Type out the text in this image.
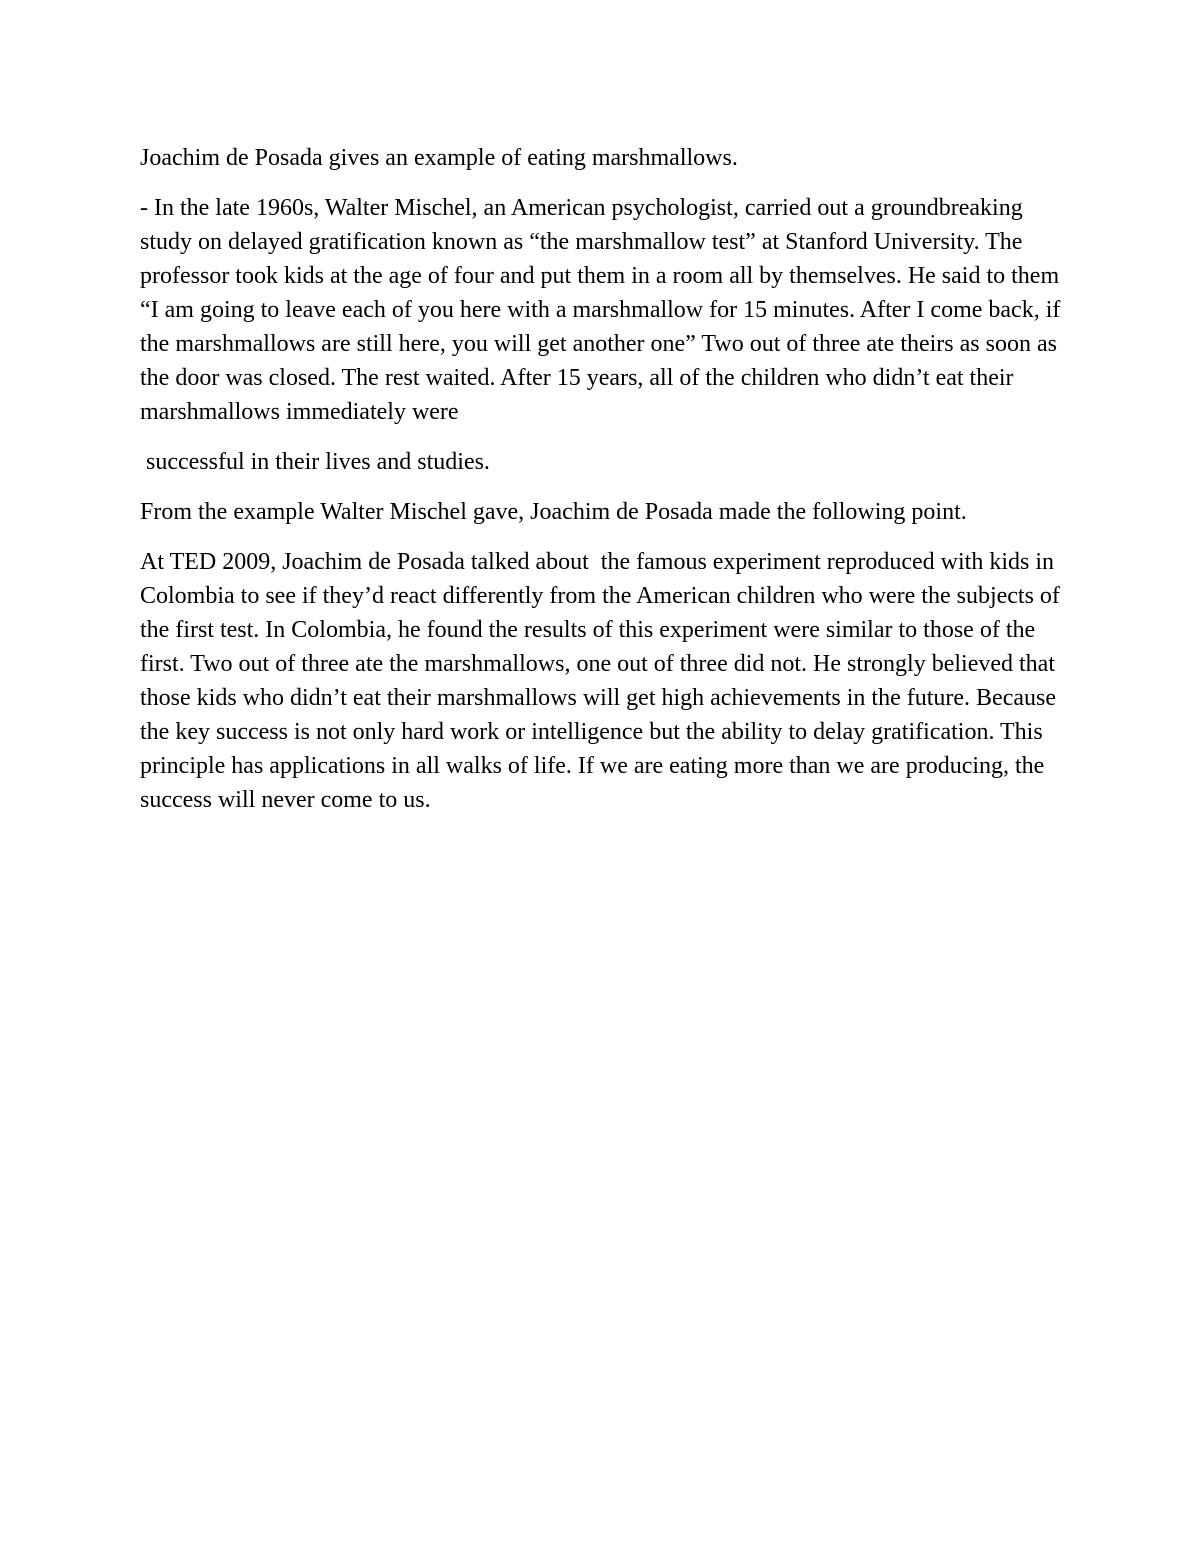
Joachim de Posada gives an example of eating marshmallows.

- In the late 1960s, Walter Mischel, an American psychologist, carried out a groundbreaking study on delayed gratification known as “the marshmallow test” at Stanford University. The professor took kids at the age of four and put them in a room all by themselves. He said to them “I am going to leave each of you here with a marshmallow for 15 minutes. After I come back, if the marshmallows are still here, you will get another one” Two out of three ate theirs as soon as the door was closed. The rest waited. After 15 years, all of the children who didn’t eat their marshmallows immediately were

successful in their lives and studies.

From the example Walter Mischel gave, Joachim de Posada made the following point.

At TED 2009, Joachim de Posada talked about  the famous experiment reproduced with kids in Colombia to see if they’d react differently from the American children who were the subjects of the first test. In Colombia, he found the results of this experiment were similar to those of the first. Two out of three ate the marshmallows, one out of three did not. He strongly believed that those kids who didn’t eat their marshmallows will get high achievements in the future. Because the key success is not only hard work or intelligence but the ability to delay gratification. This principle has applications in all walks of life. If we are eating more than we are producing, the success will never come to us.
